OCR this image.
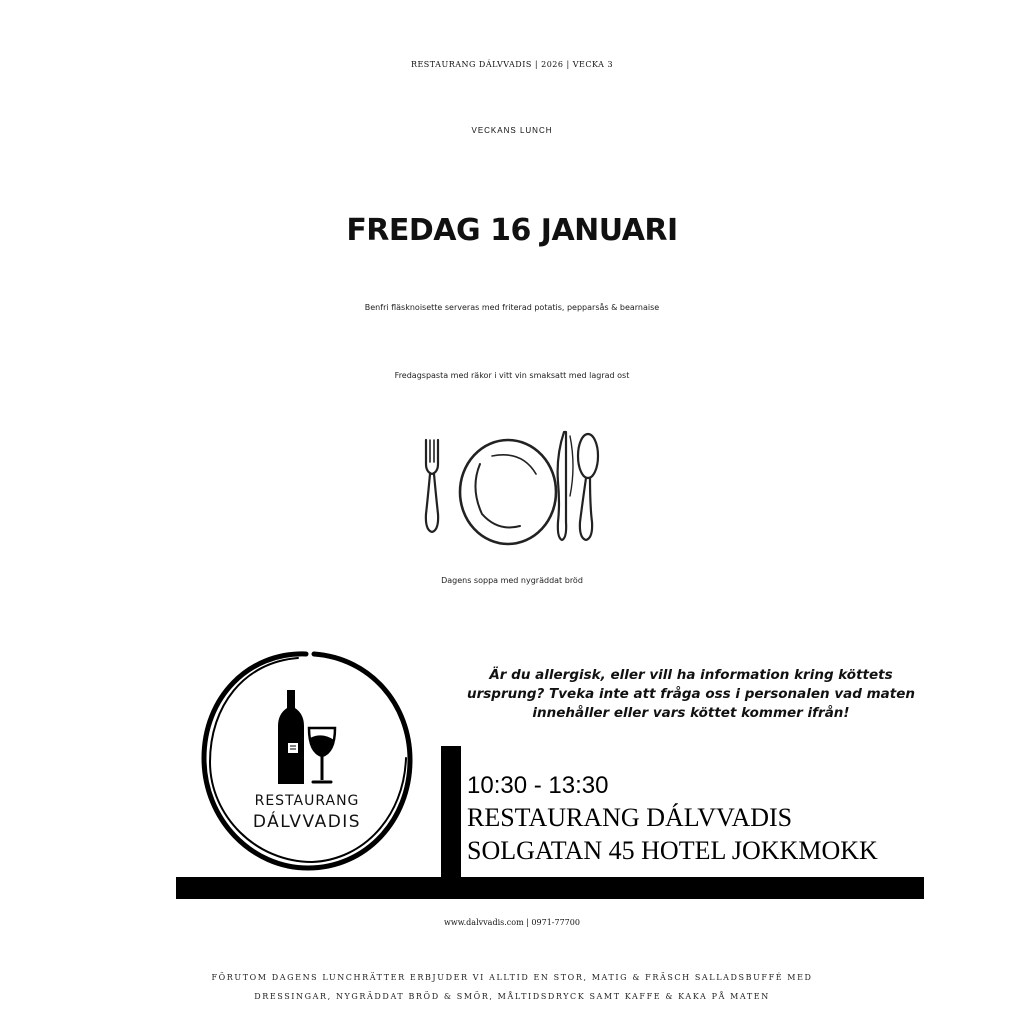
RESTAURANG DÁLVVADIS | 2026 | VECKA 3
VECKANS LUNCH
FREDAG 16 JANUARI
Benfri fläsknoisette serveras med friterad potatis, pepparsås & bearnaise
Fredagspasta med räkor i vitt vin smaksatt med lagrad ost
Dagens soppa med nygräddat bröd
RESTAURANG
DÁLVVADIS
Är du allergisk, eller vill ha information kring köttets ursprung? Tveka inte att fråga oss i personalen vad maten innehåller eller vars köttet kommer ifrån!
10:30 - 13:30
RESTAURANG DÁLVVADIS
SOLGATAN 45 HOTEL JOKKMOKK
www.dalvvadis.com | 0971-77700
FÖRUTOM DAGENS LUNCHRÄTTER ERBJUDER VI ALLTID EN STOR, MATIG & FRÄSCH SALLADSBUFFÉ MED
DRESSINGAR, NYGRÄDDAT BRÖD & SMÖR, MÅLTIDSDRYCK SAMT KAFFE & KAKA PÅ MATEN
